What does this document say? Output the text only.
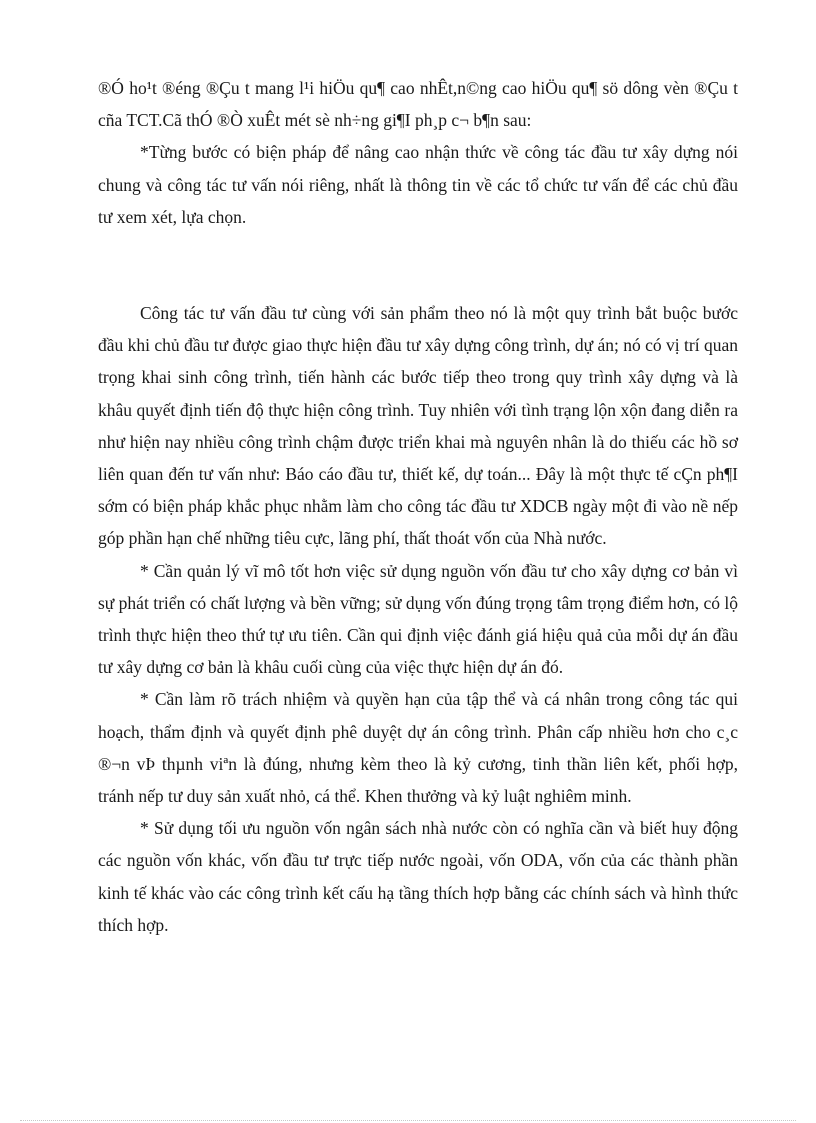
®Ó ho¹t ®éng ®Çu t mang l¹i hiÖu qu¶ cao nhÊt,n©ng cao hiÖu qu¶ sö dông vèn ®Çu t cña TCT.Cã thÓ ®Ò xuÊt mét sè nh÷ng gi¶I ph¸p c¬ b¶n sau:

*Từng bước có biện pháp để nâng cao nhận thức về công tác đầu tư xây dựng nói chung và công tác tư vấn nói riêng, nhất là thông tin về các tổ chức tư vấn để các chủ đầu tư xem xét, lựa chọn.

Công tác tư vấn đầu tư cùng với sản phẩm theo nó là một quy trình bắt buộc bước đầu khi chủ đầu tư được giao thực hiện đầu tư xây dựng công trình, dự án; nó có vị trí quan trọng khai sinh công trình, tiến hành các bước tiếp theo trong quy trình xây dựng và là khâu quyết định tiến độ thực hiện công trình. Tuy nhiên với tình trạng lộn xộn đang diễn ra như hiện nay nhiều công trình chậm được triển khai mà nguyên nhân là do thiếu các hồ sơ liên quan đến tư vấn như: Báo cáo đầu tư, thiết kế, dự toán... Đây là một thực tế cÇn ph¶I sớm có biện pháp khắc phục nhằm làm cho công tác đầu tư XDCB ngày một đi vào nề nếp góp phần hạn chế những tiêu cực, lãng phí, thất thoát vốn của Nhà nước.

* Cần quản lý vĩ mô tốt hơn việc sử dụng nguồn vốn đầu tư cho xây dựng cơ bản vì sự phát triển có chất lượng và bền vững; sử dụng vốn đúng trọng tâm trọng điểm hơn, có lộ trình thực hiện theo thứ tự ưu tiên. Cần qui định việc đánh giá hiệu quả của mỗi dự án đầu tư xây dựng cơ bản là khâu cuối cùng của việc thực hiện dự án đó.

* Cần làm rõ trách nhiệm và quyền hạn của tập thể và cá nhân trong công tác qui hoạch, thẩm định và quyết định phê duyệt dự án công trình. Phân cấp nhiều hơn cho c¸c ®¬n vÞ thµnh viªn là đúng, nhưng kèm theo là kỷ cương, tinh thần liên kết, phối hợp, tránh nếp tư duy sản xuất nhỏ, cá thể. Khen thưởng và kỷ luật nghiêm minh.

* Sử dụng tối ưu nguồn vốn ngân sách nhà nước còn có nghĩa cần và biết huy động các nguồn vốn khác, vốn đầu tư trực tiếp nước ngoài, vốn ODA, vốn của các thành phần kinh tế khác vào các công trình kết cấu hạ tầng thích hợp bằng các chính sách và hình thức thích hợp.
